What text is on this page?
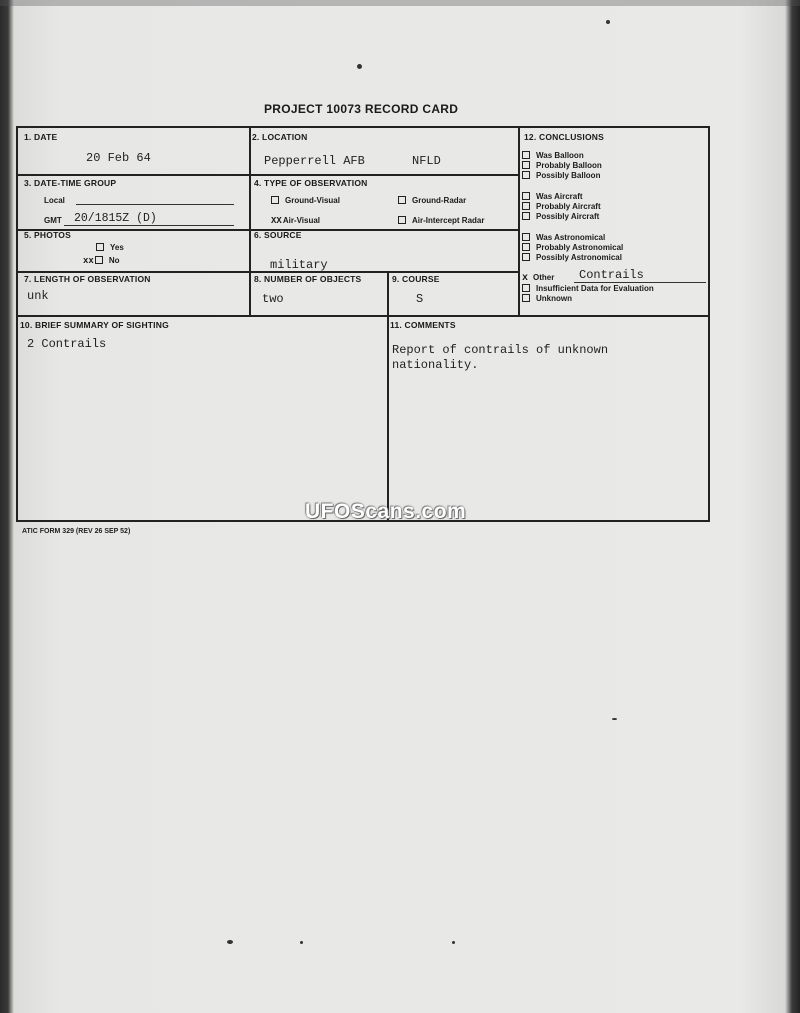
PROJECT 10073 RECORD CARD
1. DATE
20 Feb 64
2. LOCATION
Pepperrell AFB	NFLD
3. DATE-TIME GROUP
Local
GMT 20/1815Z (D)
4. TYPE OF OBSERVATION
Ground-Visual	Ground-Radar
XXAir-Visual	Air-Intercept Radar
5. PHOTOS
Yes
xx No
6. SOURCE
military
7. LENGTH OF OBSERVATION
unk
8. NUMBER OF OBJECTS
two
9. COURSE
S
10. BRIEF SUMMARY OF SIGHTING
2 Contrails
11. COMMENTS
Report of contrails of unknown
nationality.
12. CONCLUSIONS
Was Balloon
Probably Balloon
Possibly Balloon
Was Aircraft
Probably Aircraft
Possibly Aircraft
Was Astronomical
Probably Astronomical
Possibly Astronomical
x Other Contrails
Insufficient Data for Evaluation
Unknown
ATIC FORM 329 (REV 26 SEP 52)
UFOScans.com
